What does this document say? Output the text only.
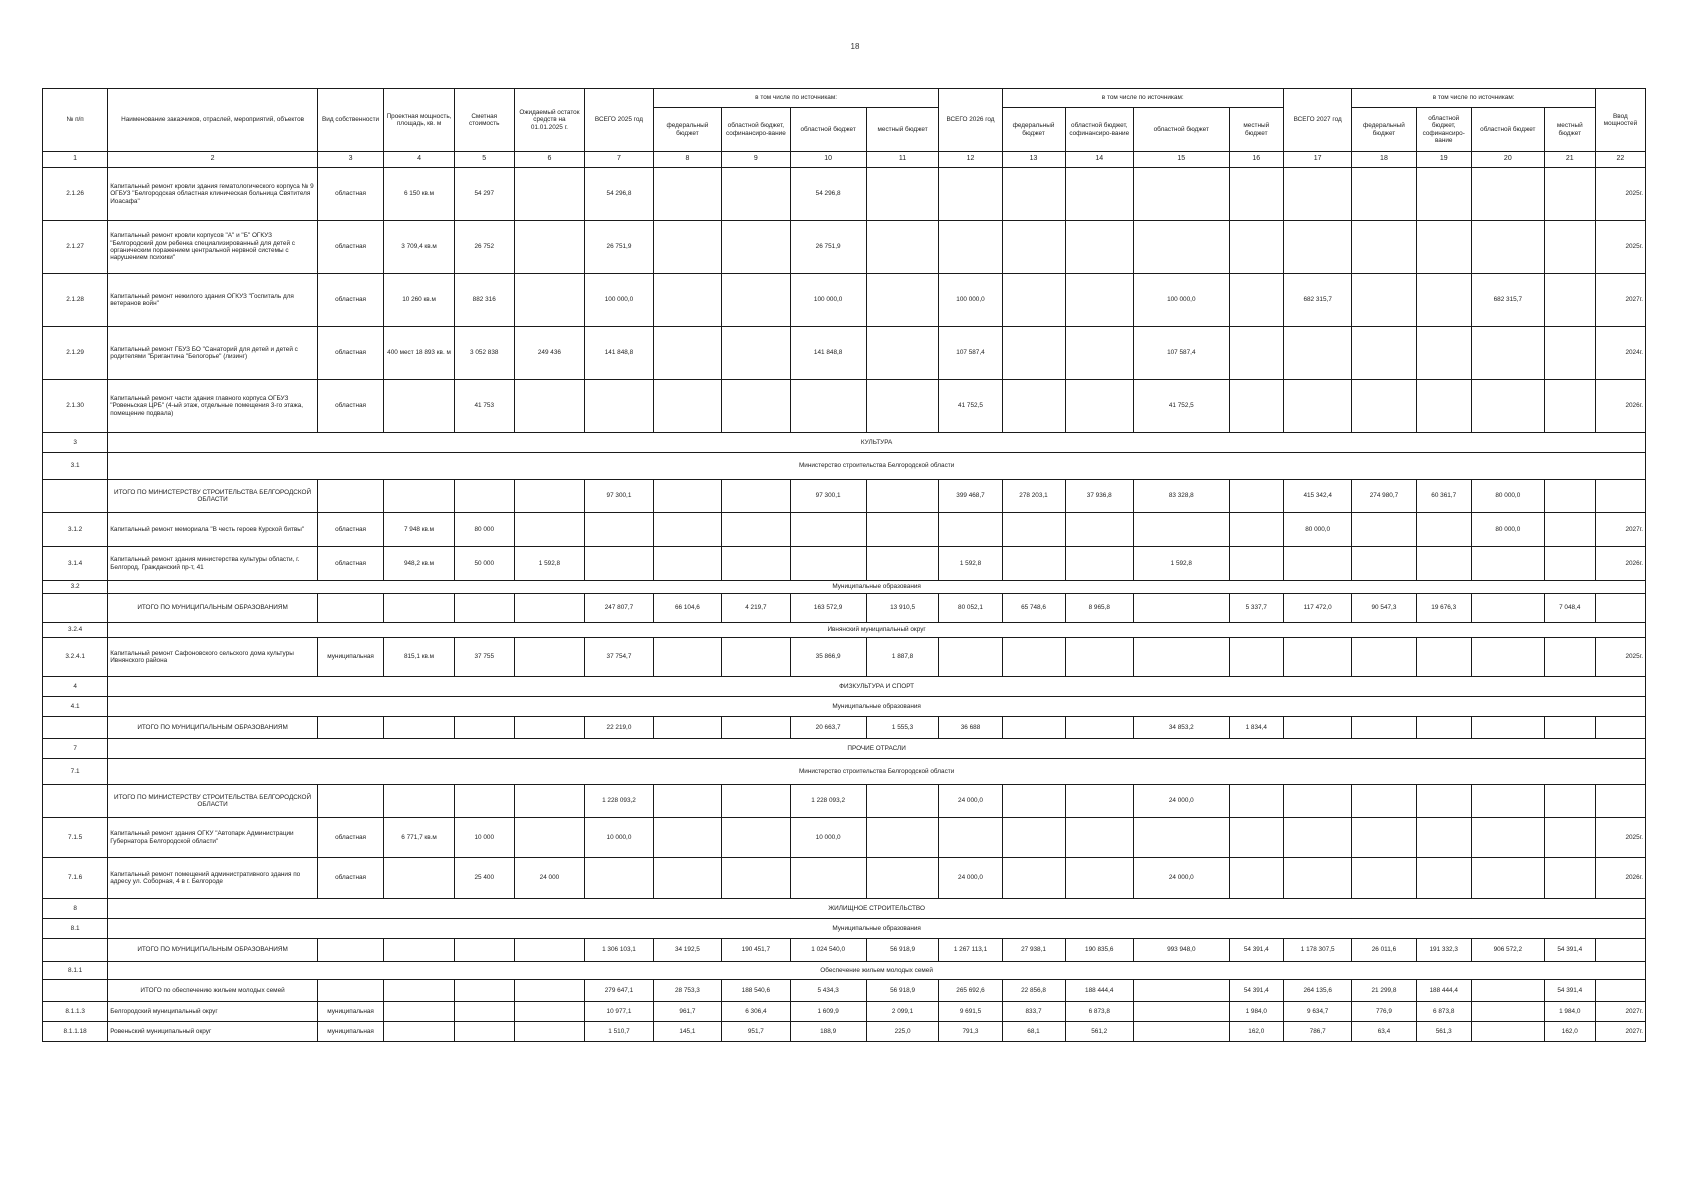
18
№ п/п	Наименование заказчиков, отраслей, мероприятий, объектов	Вид собственности	Проектная мощность, площадь, кв. м	Сметная стоимость	Ожидаемый остаток средств на 01.01.2025 г.	ВСЕГО 2025 год	в том числе по источникам:				ВСЕГО 2026 год	в том числе по источникам:				ВСЕГО 2027 год	в том числе по источникам:				Ввод мощностей
							федеральный бюджет	областной бюджет, софинансиро-вание	областной бюджет	местный бюджет		федеральный бюджет	областной бюджет, софинансиро-вание	областной бюджет	местный бюджет		федеральный бюджет	областной бюджет, софинансиро-вание	областной бюджет	местный бюджет	
1	2	3	4	5	6	7	8	9	10	11	12	13	14	15	16	17	18	19	20	21	22
2.1.26	Капитальный ремонт кровли здания гематологического корпуса № 9 ОГБУЗ "Белгородская областная клиническая больница Святителя Иоасафа"	областная	6 150 кв.м	54 297		54 296,8			54 296,8												2025г.
2.1.27	Капитальный ремонт кровли корпусов "А" и "Б" ОГКУЗ "Белгородский дом ребенка специализированный для детей с органическим поражением центральной нервной системы с нарушением психики"	областная	3 709,4 кв.м	26 752		26 751,9			26 751,9												2025г.
2.1.28	Капитальный ремонт нежилого здания ОГКУЗ "Госпиталь для ветеранов войн"	областная	10 260 кв.м	882 316		100 000,0			100 000,0		100 000,0			100 000,0		682 315,7			682 315,7		2027г.
2.1.29	Капитальный ремонт ГБУЗ БО "Санаторий для детей и детей с родителями "Бригантина "Белогорье" (лизинг)	областная	400 мест 18 893 кв. м	3 052 838	249 436	141 848,8			141 848,8		107 587,4			107 587,4							2024г.
2.1.30	Капитальный ремонт части здания главного корпуса ОГБУЗ "Ровеньская ЦРБ" (4-ый этаж, отдельные помещения 3-го этажа, помещение подвала)	областная		41 753							41 752,5			41 752,5							2026г.
3	КУЛЬТУРА																				
3.1	Министерство строительства Белгородской области																				
	ИТОГО ПО МИНИСТЕРСТВУ СТРОИТЕЛЬСТВА БЕЛГОРОДСКОЙ ОБЛАСТИ					97 300,1			97 300,1		399 468,7	278 203,1	37 936,8	83 328,8		415 342,4	274 980,7	60 361,7	80 000,0		
3.1.2	Капитальный ремонт мемориала "В честь героев Курской битвы"	областная	7 948 кв.м	80 000												80 000,0			80 000,0		2027г.
3.1.4	Капитальный ремонт здания министерства культуры области, г. Белгород, Гражданский пр-т, 41	областная	948,2 кв.м	50 000	1 592,8						1 592,8			1 592,8							2026г.
3.2	Муниципальные образования																				
	ИТОГО ПО МУНИЦИПАЛЬНЫМ ОБРАЗОВАНИЯМ					247 807,7	66 104,6	4 219,7	163 572,9	13 910,5	80 052,1	65 748,6	8 965,8		5 337,7	117 472,0	90 547,3	19 676,3		7 048,4	
3.2.4	Ивнянский муниципальный округ																				
3.2.4.1	Капитальный ремонт Сафоновского сельского дома культуры Ивнянского района	муниципальная	815,1 кв.м	37 755		37 754,7			35 866,9	1 887,8											2025г.
4	ФИЗКУЛЬТУРА И СПОРТ																				
4.1	Муниципальные образования																				
	ИТОГО ПО МУНИЦИПАЛЬНЫМ ОБРАЗОВАНИЯМ					22 219,0			20 663,7	1 555,3	36 688			34 853,2	1 834,4						
7	ПРОЧИЕ ОТРАСЛИ																				
7.1	Министерство строительства Белгородской области																				
	ИТОГО ПО МИНИСТЕРСТВУ СТРОИТЕЛЬСТВА БЕЛГОРОДСКОЙ ОБЛАСТИ					1 228 093,2			1 228 093,2		24 000,0			24 000,0							
7.1.5	Капитальный ремонт здания ОГКУ "Автопарк Администрации Губернатора Белгородской области"	областная	6 771,7 кв.м	10 000		10 000,0			10 000,0												2025г.
7.1.6	Капитальный ремонт помещений административного здания по адресу ул. Соборная, 4 в г. Белгороде	областная		25 400	24 000						24 000,0			24 000,0							2026г.
8	ЖИЛИЩНОЕ СТРОИТЕЛЬСТВО																				
8.1	Муниципальные образования																				
	ИТОГО ПО МУНИЦИПАЛЬНЫМ ОБРАЗОВАНИЯМ					1 306 103,1	34 192,5	190 451,7	1 024 540,0	56 918,9	1 267 113,1	27 938,1	190 835,6	993 948,0	54 391,4	1 178 307,5	26 011,6	191 332,3	906 572,2	54 391,4	
8.1.1	Обеспечение жильем молодых семей																				
	ИТОГО по обеспечению жильем молодых семей					279 647,1	28 753,3	188 540,6	5 434,3	56 918,9	265 692,6	22 856,8	188 444,4		54 391,4	264 135,6	21 299,8	188 444,4		54 391,4	
8.1.1.3	Белгородский муниципальный округ	муниципальная				10 977,1	961,7	6 306,4	1 609,9	2 099,1	9 691,5	833,7	6 873,8		1 984,0	9 634,7	776,9	6 873,8		1 984,0	2027г.
8.1.1.18	Ровеньский муниципальный округ	муниципальная				1 510,7	145,1	951,7	188,9	225,0	791,3	68,1	561,2		162,0	786,7	63,4	561,3		162,0	2027г.
